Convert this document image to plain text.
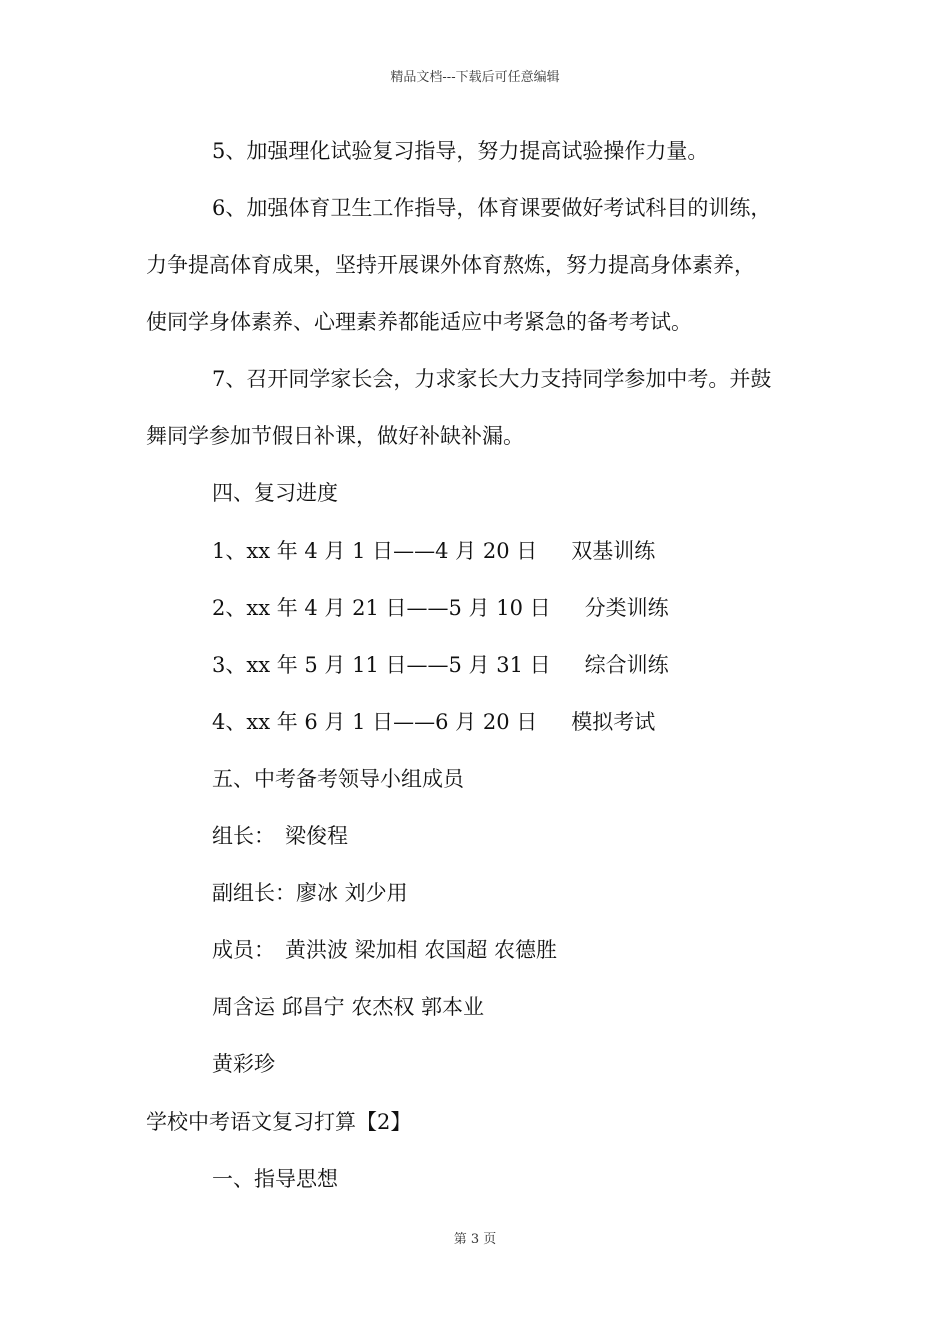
精品文档---下载后可任意编辑
5、加强理化试验复习指导，努力提高试验操作力量。
6、加强体育卫生工作指导，体育课要做好考试科目的训练，
力争提高体育成果，坚持开展课外体育熬炼，努力提高身体素养，
使同学身体素养、心理素养都能适应中考紧急的备考考试。
7、召开同学家长会，力求家长大力支持同学参加中考。并鼓
舞同学参加节假日补课，做好补缺补漏。
四、复习进度
1、xx 年 4 月 1 日——4 月 20 日 双基训练
2、xx 年 4 月 21 日——5 月 10 日 分类训练
3、xx 年 5 月 11 日——5 月 31 日 综合训练
4、xx 年 6 月 1 日——6 月 20 日 模拟考试
五、中考备考领导小组成员
组长： 梁俊程
副组长：廖冰 刘少用
成员： 黄洪波 梁加相 农国超 农德胜
周含运 邱昌宁 农杰权 郭本业
黄彩珍
学校中考语文复习打算【2】
一、指导思想
第 3 页
